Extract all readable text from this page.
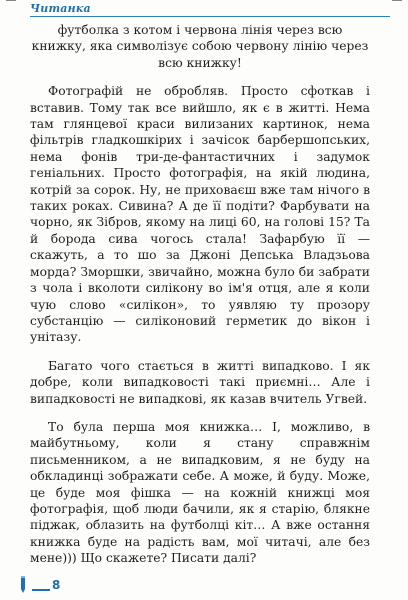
Читанка

футболка з котом і червона лінія через всю книжку, яка символізує собою червону лінію через всю книжку!

Фотографій не обробляв. Просто сфоткав і вставив. Тому так все вийшло, як є в житті. Нема там глянцевої краси вилизаних картинок, нема фільтрів гладкошкірих і зачісок барбершопських, нема фонів три-де-фантастичних і задумок геніальних. Просто фотографія, на якій людина, котрій за сорок. Ну, не приховаєш вже там нічого в таких роках. Сивина? А де її подіти? Фарбувати на чорно, як Зібров, якому на лиці 60, на голові 15? Та й борода сива чогось стала! Зафарбую її — скажуть, а то шо за Джоні Депська Владзьова морда? Зморшки, звичайно, можна було би забрати з чола і вколоти силікону во ім'я отця, але я коли чую слово «силікон», то уявляю ту прозору субстанцію — силіконовий герметик до вікон і унітазу.

Багато чого стається в житті випадково. І як добре, коли випадковості такі приємні… Але і випадковості не випадкові, як казав вчитель Угвей.

То була перша моя книжка… І, можливо, в майбутньому, коли я стану справжнім письменником, а не випадковим, я не буду на обкладинці зображати себе. А може, й буду. Може, це буде моя фішка — на кожній книжці моя фотографія, щоб люди бачили, як я старію, блякне піджак, облазить на футболці кіт… А вже остання книжка буде на радість вам, мої читачі, але без мене))) Що скажете? Писати далі?

8
